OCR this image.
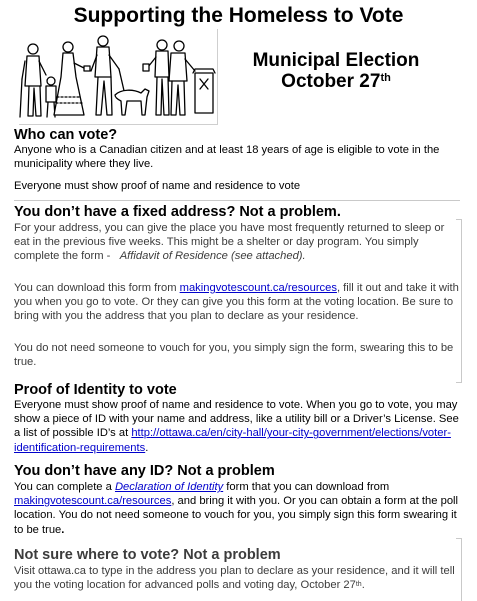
Supporting the Homeless to Vote
Municipal Election
October 27th
Who can vote?
Anyone who is a Canadian citizen and at least 18 years of age is eligible to vote in the municipality where they live.
Everyone must show proof of name and residence to vote
You don’t have a fixed address? Not a problem.
For your address, you can give the place you have most frequently returned to sleep or eat in the previous five weeks. This might be a shelter or day program. You simply complete the form - Affidavit of Residence (see attached).
You can download this form from makingvotescount.ca/resources, fill it out and take it with you when you go to vote. Or they can give you this form at the voting location. Be sure to bring with you the address that you plan to declare as your residence.
You do not need someone to vouch for you, you simply sign the form, swearing this to be true.
Proof of Identity to vote
Everyone must show proof of name and residence to vote. When you go to vote, you may show a piece of ID with your name and address, like a utility bill or a Driver’s License. See a list of possible ID’s at http://ottawa.ca/en/city-hall/your-city-government/elections/voter-identification-requirements.
You don’t have any ID? Not a problem
You can complete a Declaration of Identity form that you can download from makingvotescount.ca/resources, and bring it with you. Or you can obtain a form at the poll location. You do not need someone to vouch for you, you simply sign this form swearing it to be true.
Not sure where to vote? Not a problem
Visit ottawa.ca to type in the address you plan to declare as your residence, and it will tell you the voting location for advanced polls and voting day, October 27th.
